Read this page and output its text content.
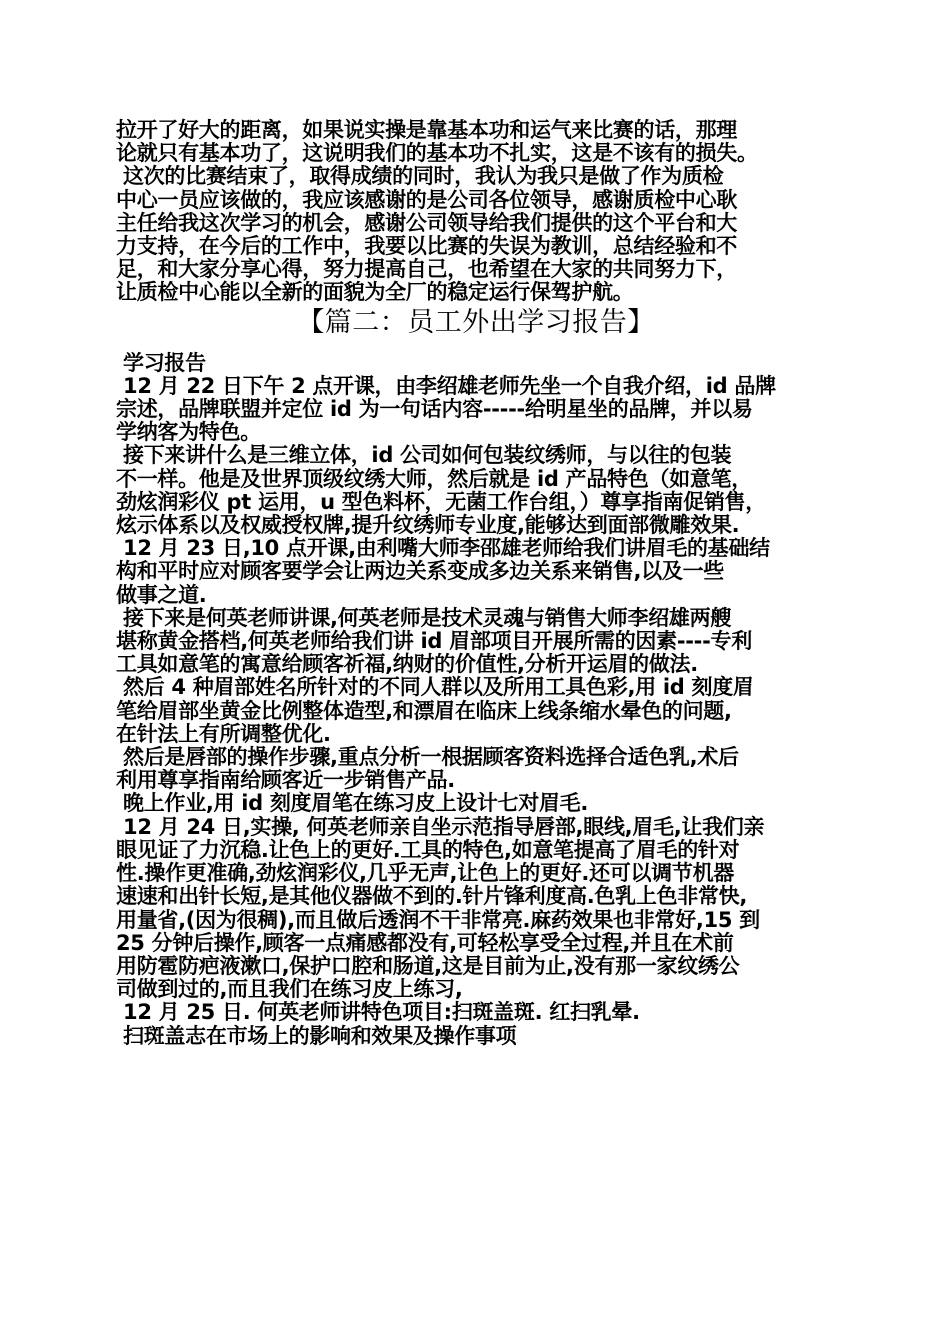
拉开了好大的距离，如果说实操是靠基本功和运气来比赛的话，那理
论就只有基本功了，这说明我们的基本功不扎实，这是不该有的损失。

这次的比赛结束了，取得成绩的同时，我认为我只是做了作为质检
中心一员应该做的，我应该感谢的是公司各位领导，感谢质检中心耿
主任给我这次学习的机会，感谢公司领导给我们提供的这个平台和大
力支持，在今后的工作中，我要以比赛的失误为教训，总结经验和不
足，和大家分享心得，努力提高自己，也希望在大家的共同努力下，
让质检中心能以全新的面貌为全厂的稳定运行保驾护航。

【篇二：员工外出学习报告】

学习报告

12 月 22 日下午 2 点开课，由李绍雄老师先坐一个自我介绍，id 品牌
宗述，品牌联盟并定位 id 为一句话内容-----给明星坐的品牌，并以易
学纳客为特色。

接下来讲什么是三维立体，id 公司如何包装纹绣师，与以往的包装
不一样。他是及世界顶级纹绣大师，然后就是 id 产品特色（如意笔，
劲炫润彩仪 pt 运用，u 型色料杯，无菌工作台组，）尊享指南促销售，
炫示体系以及权威授权牌,提升纹绣师专业度,能够达到面部微雕效果.

12 月 23 日,10 点开课,由利嘴大师李邵雄老师给我们讲眉毛的基础结
构和平时应对顾客要学会让两边关系变成多边关系来销售,以及一些
做事之道.

接下来是何英老师讲课,何英老师是技术灵魂与销售大师李绍雄两艘
堪称黄金搭档,何英老师给我们讲 id 眉部项目开展所需的因素----专利
工具如意笔的寓意给顾客祈福,纳财的价值性,分析开运眉的做法.

然后 4 种眉部姓名所针对的不同人群以及所用工具色彩,用 id 刻度眉
笔给眉部坐黄金比例整体造型,和漂眉在临床上线条缩水晕色的问题,
在针法上有所调整优化.

然后是唇部的操作步骤,重点分析一根据顾客资料选择合适色乳,术后
利用尊享指南给顾客近一步销售产品.

晚上作业,用 id 刻度眉笔在练习皮上设计七对眉毛.

12 月 24 日,实操, 何英老师亲自坐示范指导唇部,眼线,眉毛,让我们亲
眼见证了力沉稳.让色上的更好.工具的特色,如意笔提高了眉毛的针对
性.操作更准确,劲炫润彩仪,几乎无声,让色上的更好.还可以调节机器
速速和出针长短,是其他仪器做不到的.针片锋利度高.色乳上色非常快,
用量省,(因为很稠),而且做后透润不干非常亮.麻药效果也非常好,15 到
25 分钟后操作,顾客一点痛感都没有,可轻松享受全过程,并且在术前
用防雹防疤液漱口,保护口腔和肠道,这是目前为止,没有那一家纹绣公
司做到过的,而且我们在练习皮上练习,

12 月 25 日. 何英老师讲特色项目:扫斑盖斑. 红扫乳晕.

扫斑盖志在市场上的影响和效果及操作事项
